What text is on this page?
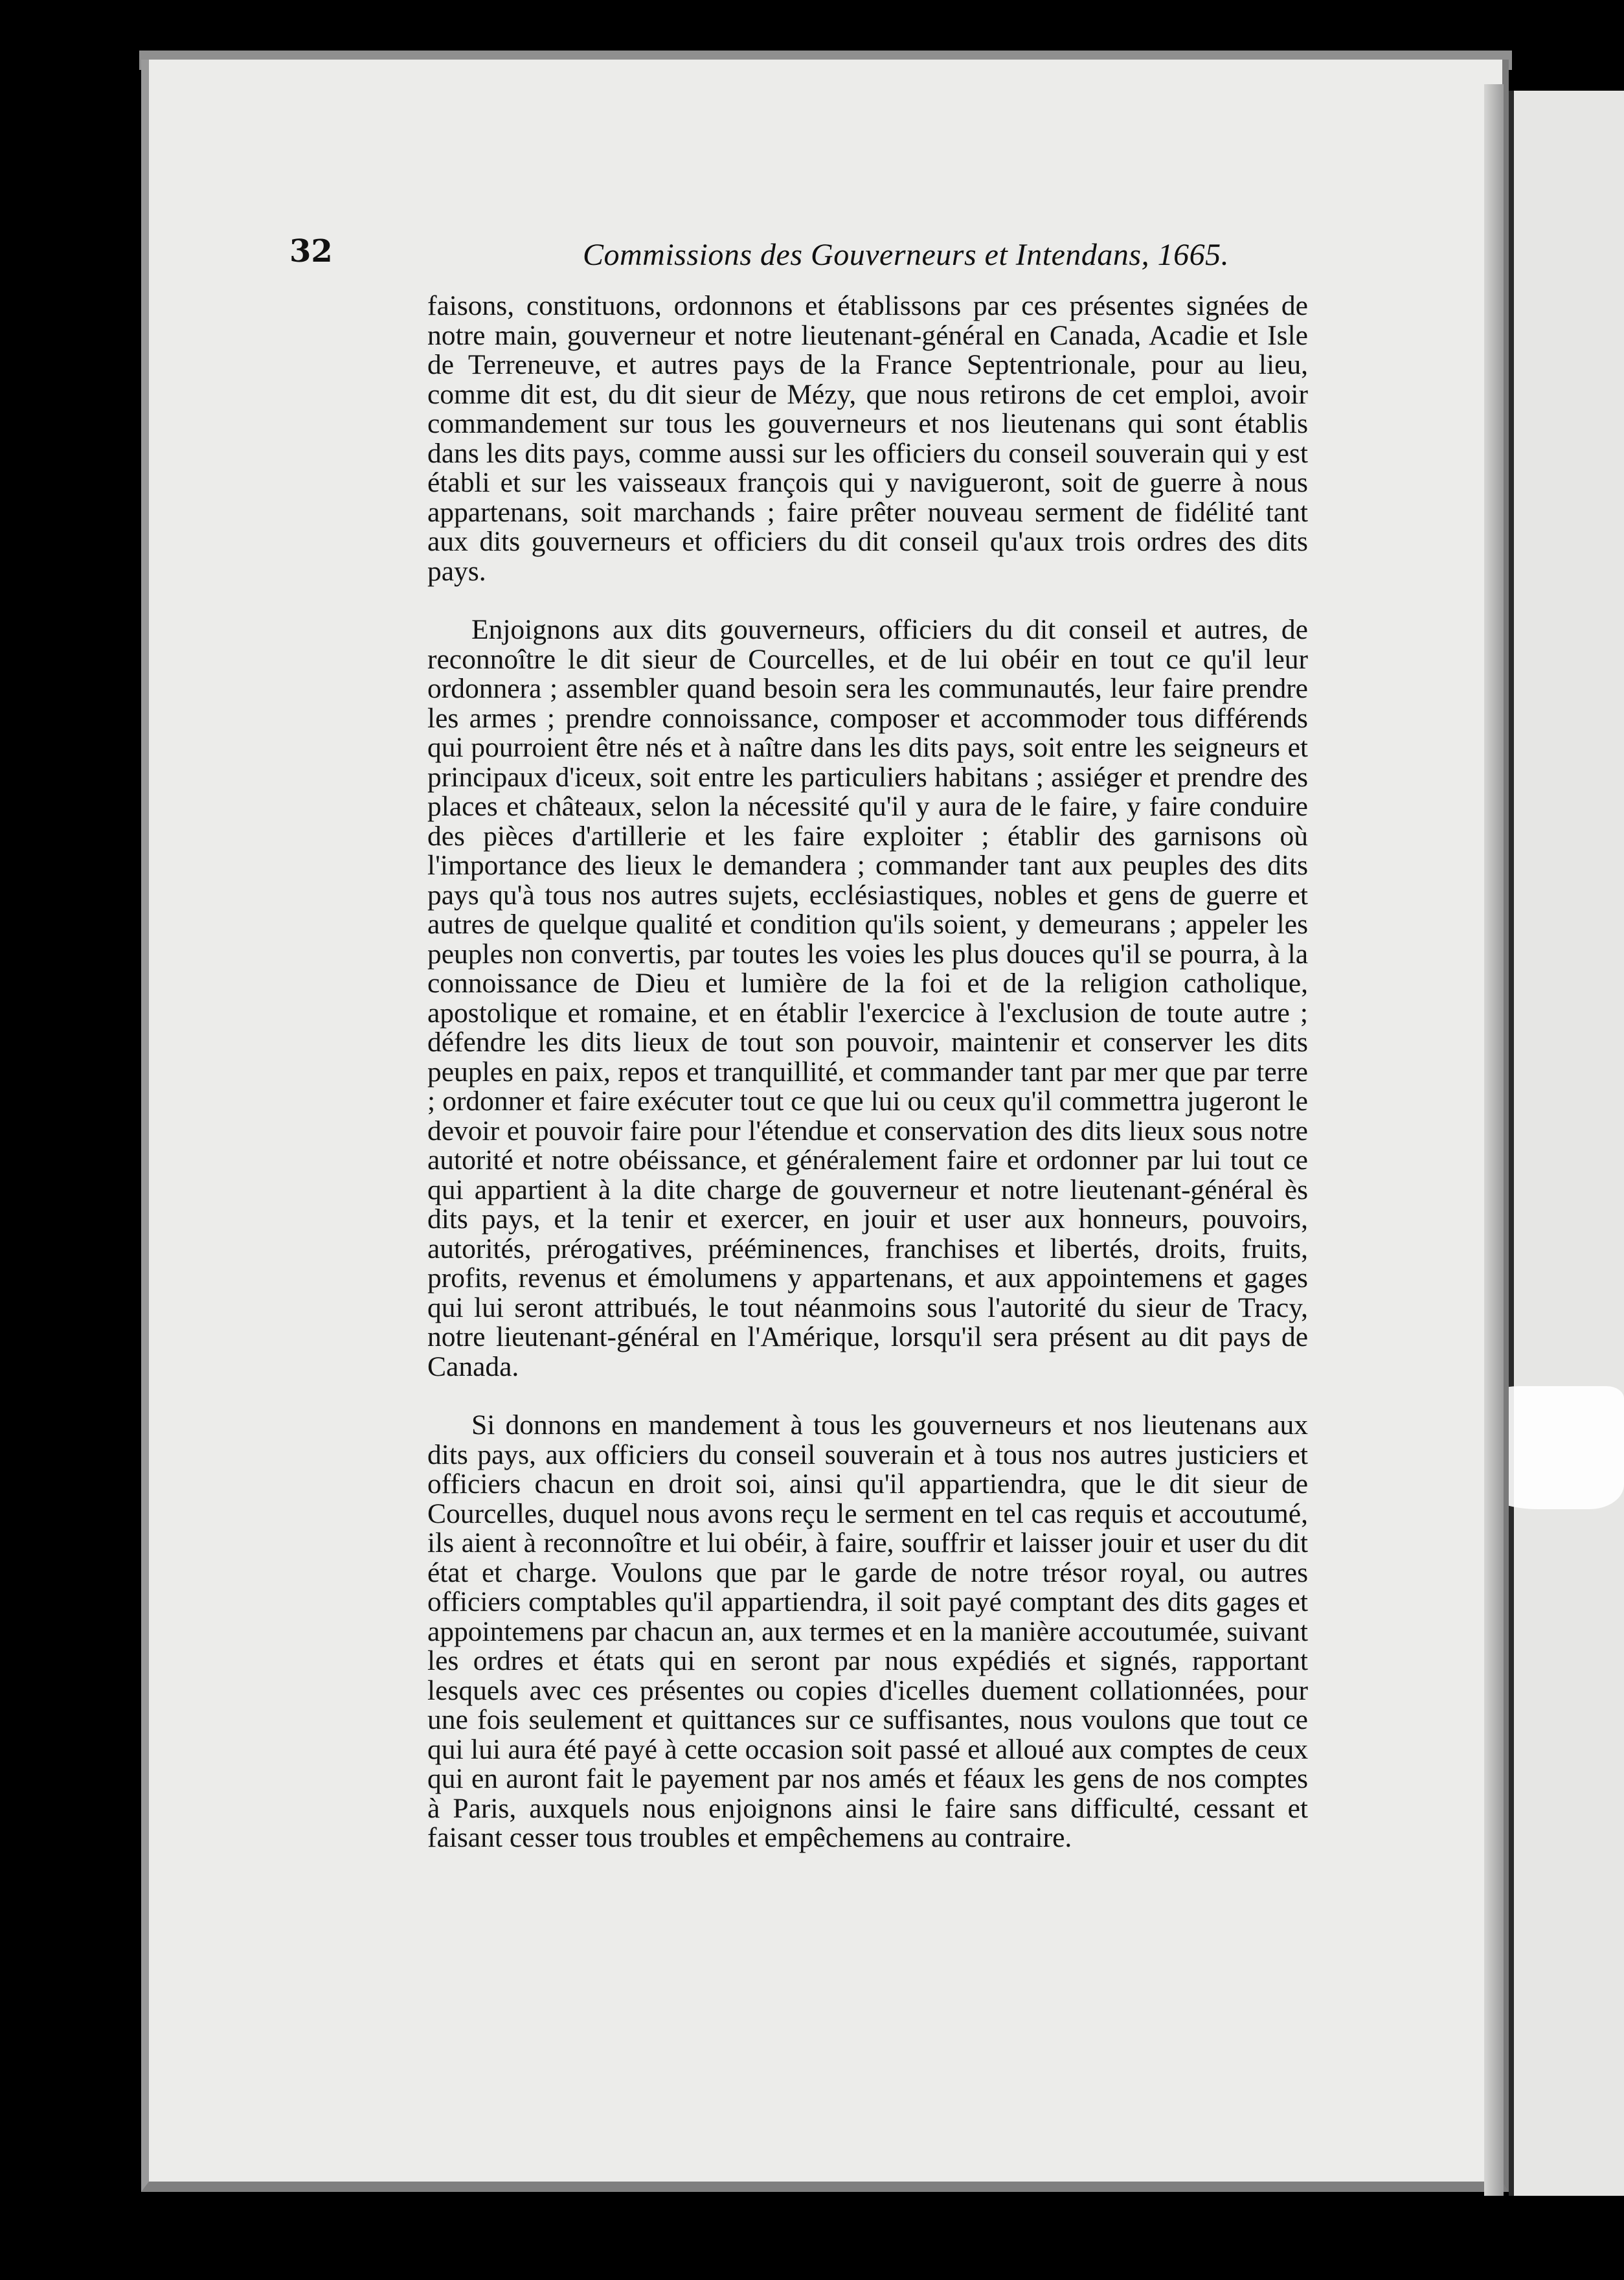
32	Commissions des Gouverneurs et Intendans, 1665.

faisons, constituons, ordonnons et établissons par ces présentes signées de notre main, gouverneur et notre lieutenant-général en Canada, Acadie et Isle de Terreneuve, et autres pays de la France Septentrionale, pour au lieu, comme dit est, du dit sieur de Mézy, que nous retirons de cet emploi, avoir commandement sur tous les gouverneurs et nos lieutenans qui sont établis dans les dits pays, comme aussi sur les officiers du conseil souverain qui y est établi et sur les vaisseaux françois qui y navigueront, soit de guerre à nous appartenans, soit marchands ; faire prêter nouveau serment de fidélité tant aux dits gouverneurs et officiers du dit conseil qu'aux trois ordres des dits pays.

Enjoignons aux dits gouverneurs, officiers du dit conseil et autres, de reconnoître le dit sieur de Courcelles, et de lui obéir en tout ce qu'il leur ordonnera ; assembler quand besoin sera les communautés, leur faire prendre les armes ; prendre connoissance, composer et accommoder tous différends qui pourroient être nés et à naître dans les dits pays, soit entre les seigneurs et principaux d'iceux, soit entre les particuliers habitans ; assiéger et prendre des places et châteaux, selon la nécessité qu'il y aura de le faire, y faire conduire des pièces d'artillerie et les faire exploiter ; établir des garnisons où l'importance des lieux le demandera ; commander tant aux peuples des dits pays qu'à tous nos autres sujets, ecclésiastiques, nobles et gens de guerre et autres de quelque qualité et condition qu'ils soient, y demeurans ; appeler les peuples non convertis, par toutes les voies les plus douces qu'il se pourra, à la connoissance de Dieu et lumière de la foi et de la religion catholique, apostolique et romaine, et en établir l'exercice à l'exclusion de toute autre ; défendre les dits lieux de tout son pouvoir, maintenir et conserver les dits peuples en paix, repos et tranquillité, et commander tant par mer que par terre ; ordonner et faire exécuter tout ce que lui ou ceux qu'il commettra jugeront le devoir et pouvoir faire pour l'étendue et conservation des dits lieux sous notre autorité et notre obéissance, et généralement faire et ordonner par lui tout ce qui appartient à la dite charge de gouverneur et notre lieutenant-général ès dits pays, et la tenir et exercer, en jouir et user aux honneurs, pouvoirs, autorités, prérogatives, prééminences, franchises et libertés, droits, fruits, profits, revenus et émolumens y appartenans, et aux appointemens et gages qui lui seront attribués, le tout néanmoins sous l'autorité du sieur de Tracy, notre lieutenant-général en l'Amérique, lorsqu'il sera présent au dit pays de Canada.

Si donnons en mandement à tous les gouverneurs et nos lieutenans aux dits pays, aux officiers du conseil souverain et à tous nos autres justiciers et officiers chacun en droit soi, ainsi qu'il appartiendra, que le dit sieur de Courcelles, duquel nous avons reçu le serment en tel cas requis et accoutumé, ils aient à reconnoître et lui obéir, à faire, souffrir et laisser jouir et user du dit état et charge. Voulons que par le garde de notre trésor royal, ou autres officiers comptables qu'il appartiendra, il soit payé comptant des dits gages et appointemens par chacun an, aux termes et en la manière accoutumée, suivant les ordres et états qui en seront par nous expédiés et signés, rapportant lesquels avec ces présentes ou copies d'icelles duement collationnées, pour une fois seulement et quittances sur ce suffisantes, nous voulons que tout ce qui lui aura été payé à cette occasion soit passé et alloué aux comptes de ceux qui en auront fait le payement par nos amés et féaux les gens de nos comptes à Paris, auxquels nous enjoignons ainsi le faire sans difficulté, cessant et faisant cesser tous troubles et empêchemens au contraire.
